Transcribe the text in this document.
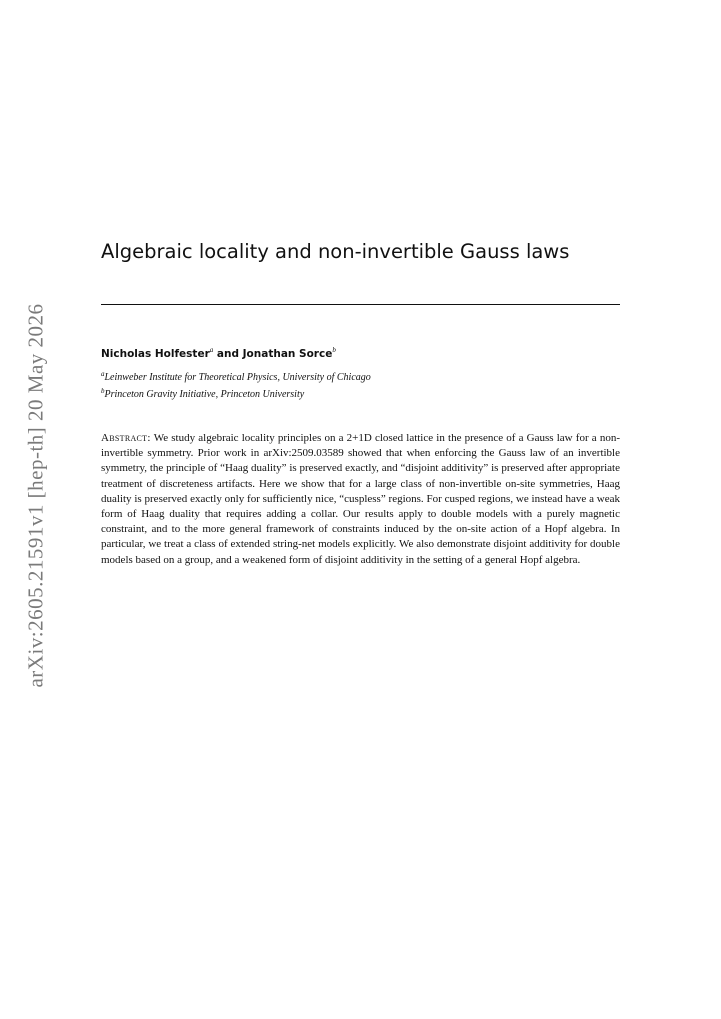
arXiv:2605.21591v1 [hep-th] 20 May 2026
Algebraic locality and non-invertible Gauss laws
Nicholas Holfester$^a$ and Jonathan Sorce$^b$
$^a$Leinweber Institute for Theoretical Physics, University of Chicago
$^b$Princeton Gravity Initiative, Princeton University

Abstract: We study algebraic locality principles on a 2+1D closed lattice in the presence of a Gauss law for a non-invertible symmetry. Prior work in arXiv:2509.03589 showed that when enforcing the Gauss law of an invertible symmetry, the principle of “Haag duality” is preserved exactly, and “disjoint additivity” is preserved after appropriate treatment of discreteness artifacts. Here we show that for a large class of non-invertible on-site symmetries, Haag duality is preserved exactly only for sufficiently nice, “cuspless” regions. For cusped regions, we instead have a weak form of Haag duality that requires adding a collar. Our results apply to double models with a purely magnetic constraint, and to the more general framework of constraints induced by the on-site action of a Hopf algebra. In particular, we treat a class of extended string-net models explicitly. We also demonstrate disjoint additivity for double models based on a group, and a weakened form of disjoint additivity in the setting of a general Hopf algebra.
